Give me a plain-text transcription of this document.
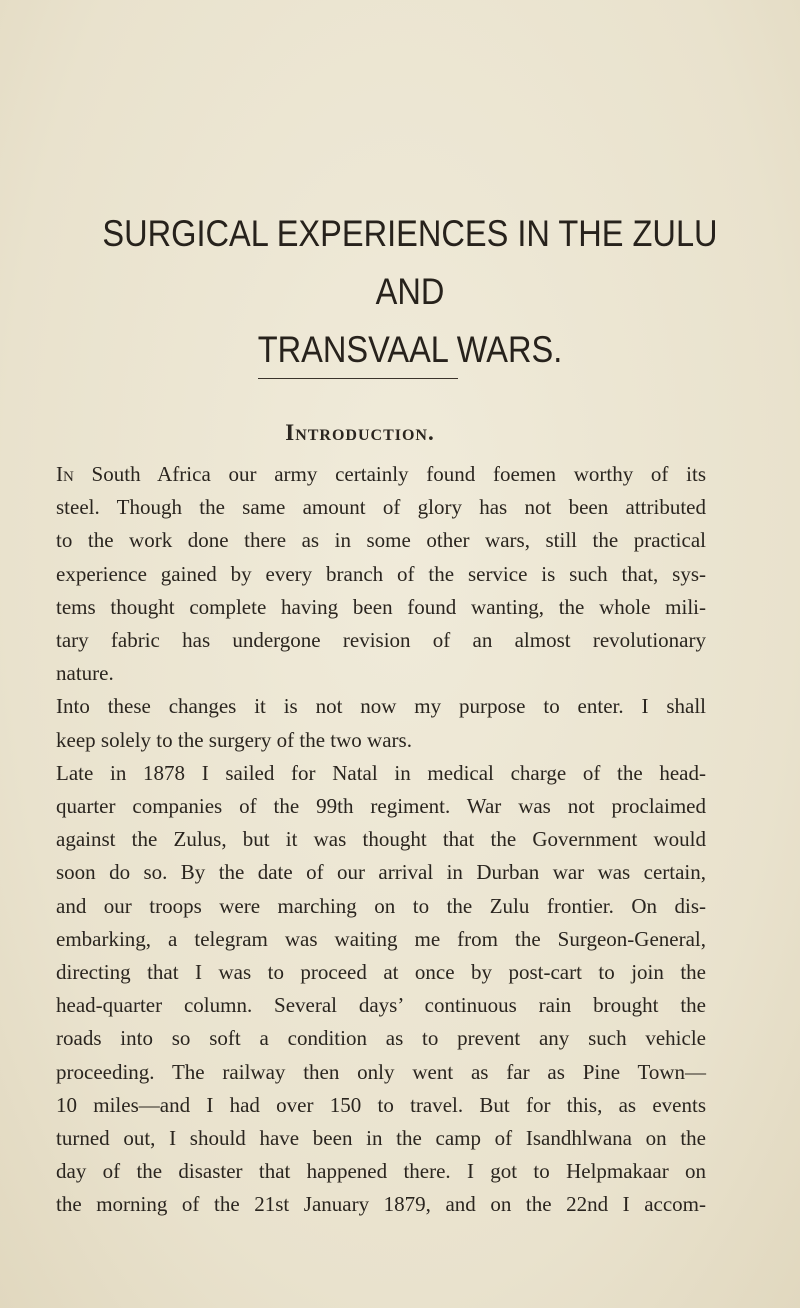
SURGICAL EXPERIENCES IN THE ZULU AND
TRANSVAAL WARS.
Introduction.
In South Africa our army certainly found foemen worthy of its
steel. Though the same amount of glory has not been attributed
to the work done there as in some other wars, still the practical
experience gained by every branch of the service is such that, sys-
tems thought complete having been found wanting, the whole mili-
tary fabric has undergone revision of an almost revolutionary
nature.
Into these changes it is not now my purpose to enter. I shall
keep solely to the surgery of the two wars.
Late in 1878 I sailed for Natal in medical charge of the head-
quarter companies of the 99th regiment. War was not proclaimed
against the Zulus, but it was thought that the Government would
soon do so. By the date of our arrival in Durban war was certain,
and our troops were marching on to the Zulu frontier. On dis-
embarking, a telegram was waiting me from the Surgeon-General,
directing that I was to proceed at once by post-cart to join the
head-quarter column. Several days’ continuous rain brought the
roads into so soft a condition as to prevent any such vehicle
proceeding. The railway then only went as far as Pine Town—
10 miles—and I had over 150 to travel. But for this, as events
turned out, I should have been in the camp of Isandhlwana on the
day of the disaster that happened there. I got to Helpmakaar on
the morning of the 21st January 1879, and on the 22nd I accom-
